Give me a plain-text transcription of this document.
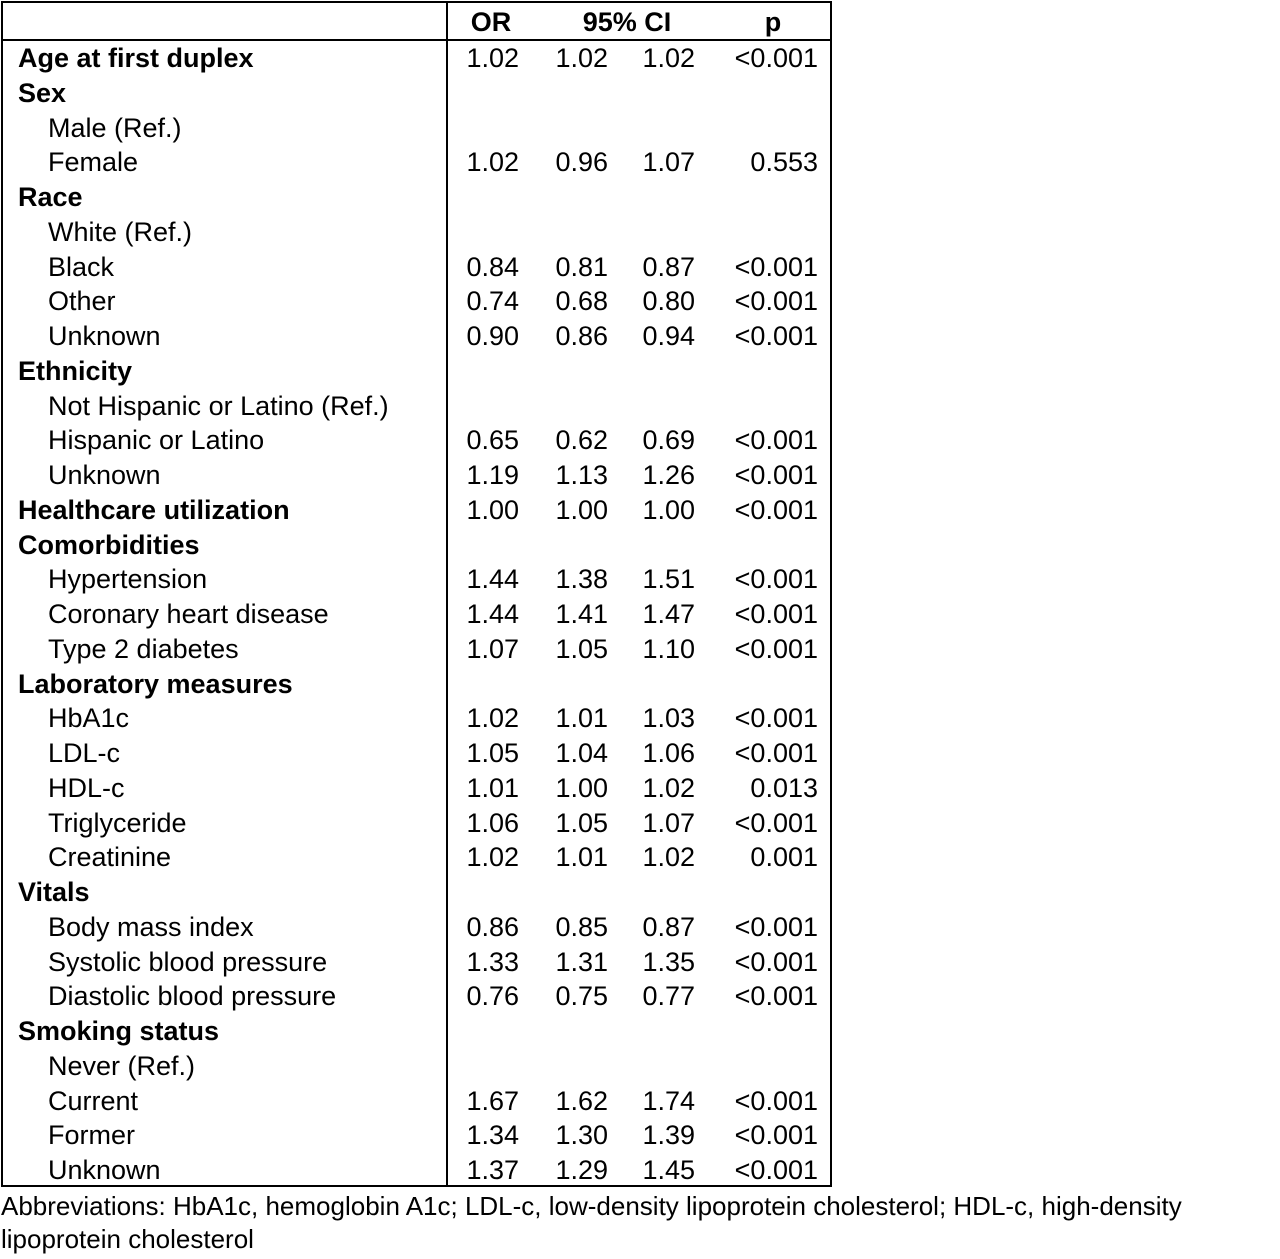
OR	95% CI	p
Age at first duplex	1.02	1.02	1.02	<0.001
Sex
Male (Ref.)
Female	1.02	0.96	1.07	0.553
Race
White (Ref.)
Black	0.84	0.81	0.87	<0.001
Other	0.74	0.68	0.80	<0.001
Unknown	0.90	0.86	0.94	<0.001
Ethnicity
Not Hispanic or Latino (Ref.)
Hispanic or Latino	0.65	0.62	0.69	<0.001
Unknown	1.19	1.13	1.26	<0.001
Healthcare utilization	1.00	1.00	1.00	<0.001
Comorbidities
Hypertension	1.44	1.38	1.51	<0.001
Coronary heart disease	1.44	1.41	1.47	<0.001
Type 2 diabetes	1.07	1.05	1.10	<0.001
Laboratory measures
HbA1c	1.02	1.01	1.03	<0.001
LDL-c	1.05	1.04	1.06	<0.001
HDL-c	1.01	1.00	1.02	0.013
Triglyceride	1.06	1.05	1.07	<0.001
Creatinine	1.02	1.01	1.02	0.001
Vitals
Body mass index	0.86	0.85	0.87	<0.001
Systolic blood pressure	1.33	1.31	1.35	<0.001
Diastolic blood pressure	0.76	0.75	0.77	<0.001
Smoking status
Never (Ref.)
Current	1.67	1.62	1.74	<0.001
Former	1.34	1.30	1.39	<0.001
Unknown	1.37	1.29	1.45	<0.001
Abbreviations: HbA1c, hemoglobin A1c; LDL-c, low-density lipoprotein cholesterol; HDL-c, high-density lipoprotein cholesterol
